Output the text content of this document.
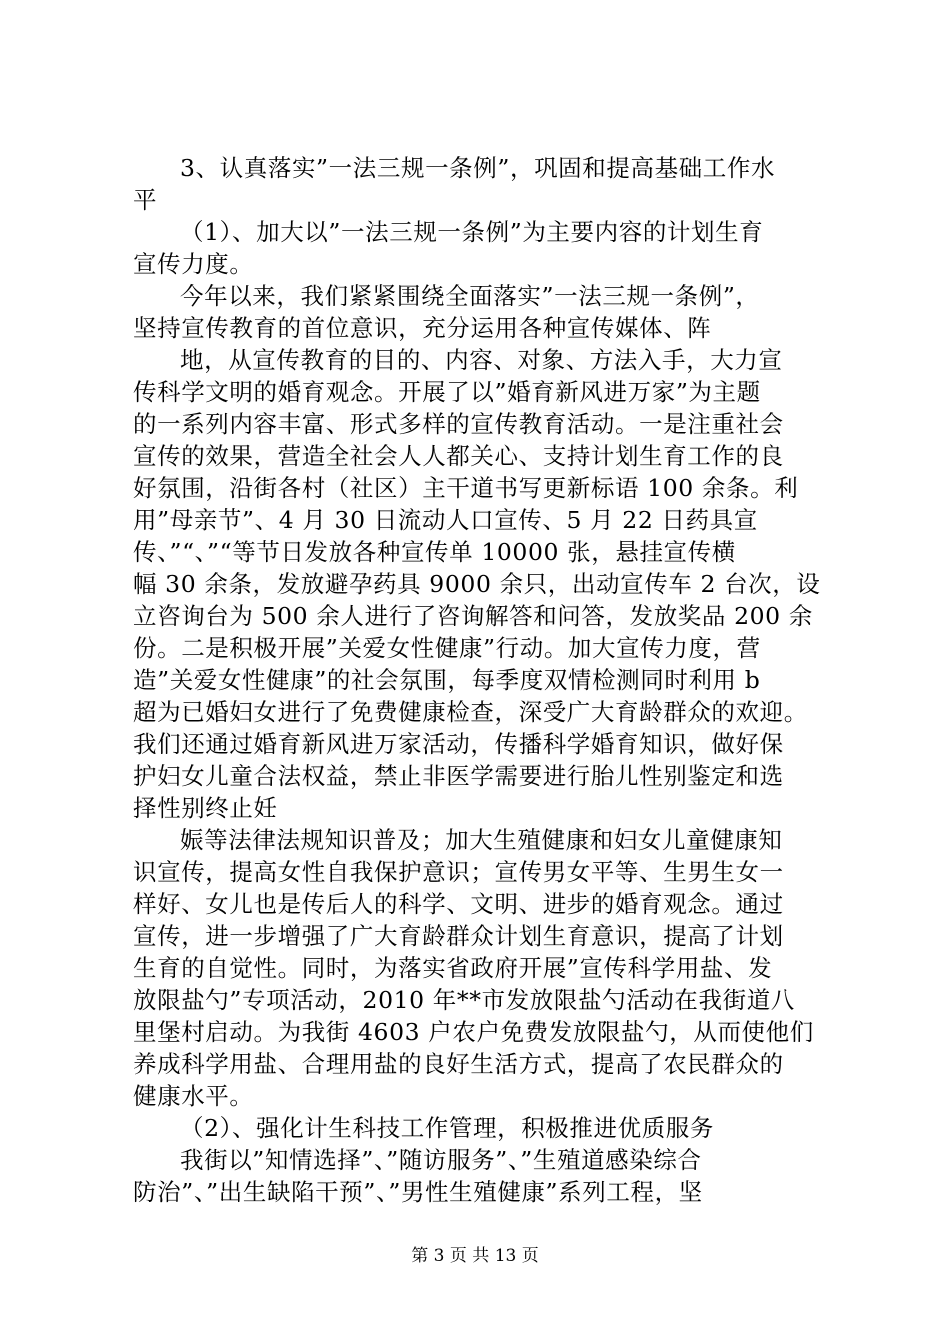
3、认真落实”一法三规一条例”，巩固和提高基础工作水
平
（1）、加大以”一法三规一条例”为主要内容的计划生育
宣传力度。
今年以来，我们紧紧围绕全面落实”一法三规一条例”，
坚持宣传教育的首位意识，充分运用各种宣传媒体、阵
地，从宣传教育的目的、内容、对象、方法入手，大力宣
传科学文明的婚育观念。开展了以”婚育新风进万家”为主题
的一系列内容丰富、形式多样的宣传教育活动。一是注重社会
宣传的效果，营造全社会人人都关心、支持计划生育工作的良
好氛围，沿街各村（社区）主干道书写更新标语 100 余条。利
用”母亲节”、4 月 30 日流动人口宣传、5 月 22 日药具宣
传、”“、”“等节日发放各种宣传单 10000 张，悬挂宣传横
幅 30 余条，发放避孕药具 9000 余只，出动宣传车 2 台次，设
立咨询台为 500 余人进行了咨询解答和问答，发放奖品 200 余
份。二是积极开展”关爱女性健康”行动。加大宣传力度，营
造”关爱女性健康”的社会氛围，每季度双情检测同时利用 b
超为已婚妇女进行了免费健康检查，深受广大育龄群众的欢迎。
我们还通过婚育新风进万家活动，传播科学婚育知识，做好保
护妇女儿童合法权益，禁止非医学需要进行胎儿性别鉴定和选
择性别终止妊
娠等法律法规知识普及；加大生殖健康和妇女儿童健康知
识宣传，提高女性自我保护意识；宣传男女平等、生男生女一
样好、女儿也是传后人的科学、文明、进步的婚育观念。通过
宣传，进一步增强了广大育龄群众计划生育意识，提高了计划
生育的自觉性。同时，为落实省政府开展”宣传科学用盐、发
放限盐勺”专项活动，2010 年**市发放限盐勺活动在我街道八
里堡村启动。为我街 4603 户农户免费发放限盐勺，从而使他们
养成科学用盐、合理用盐的良好生活方式，提高了农民群众的
健康水平。
（2）、强化计生科技工作管理，积极推进优质服务
我街以”知情选择”、”随访服务”、”生殖道感染综合
防治”、”出生缺陷干预”、”男性生殖健康”系列工程，坚
第 3 页 共 13 页
